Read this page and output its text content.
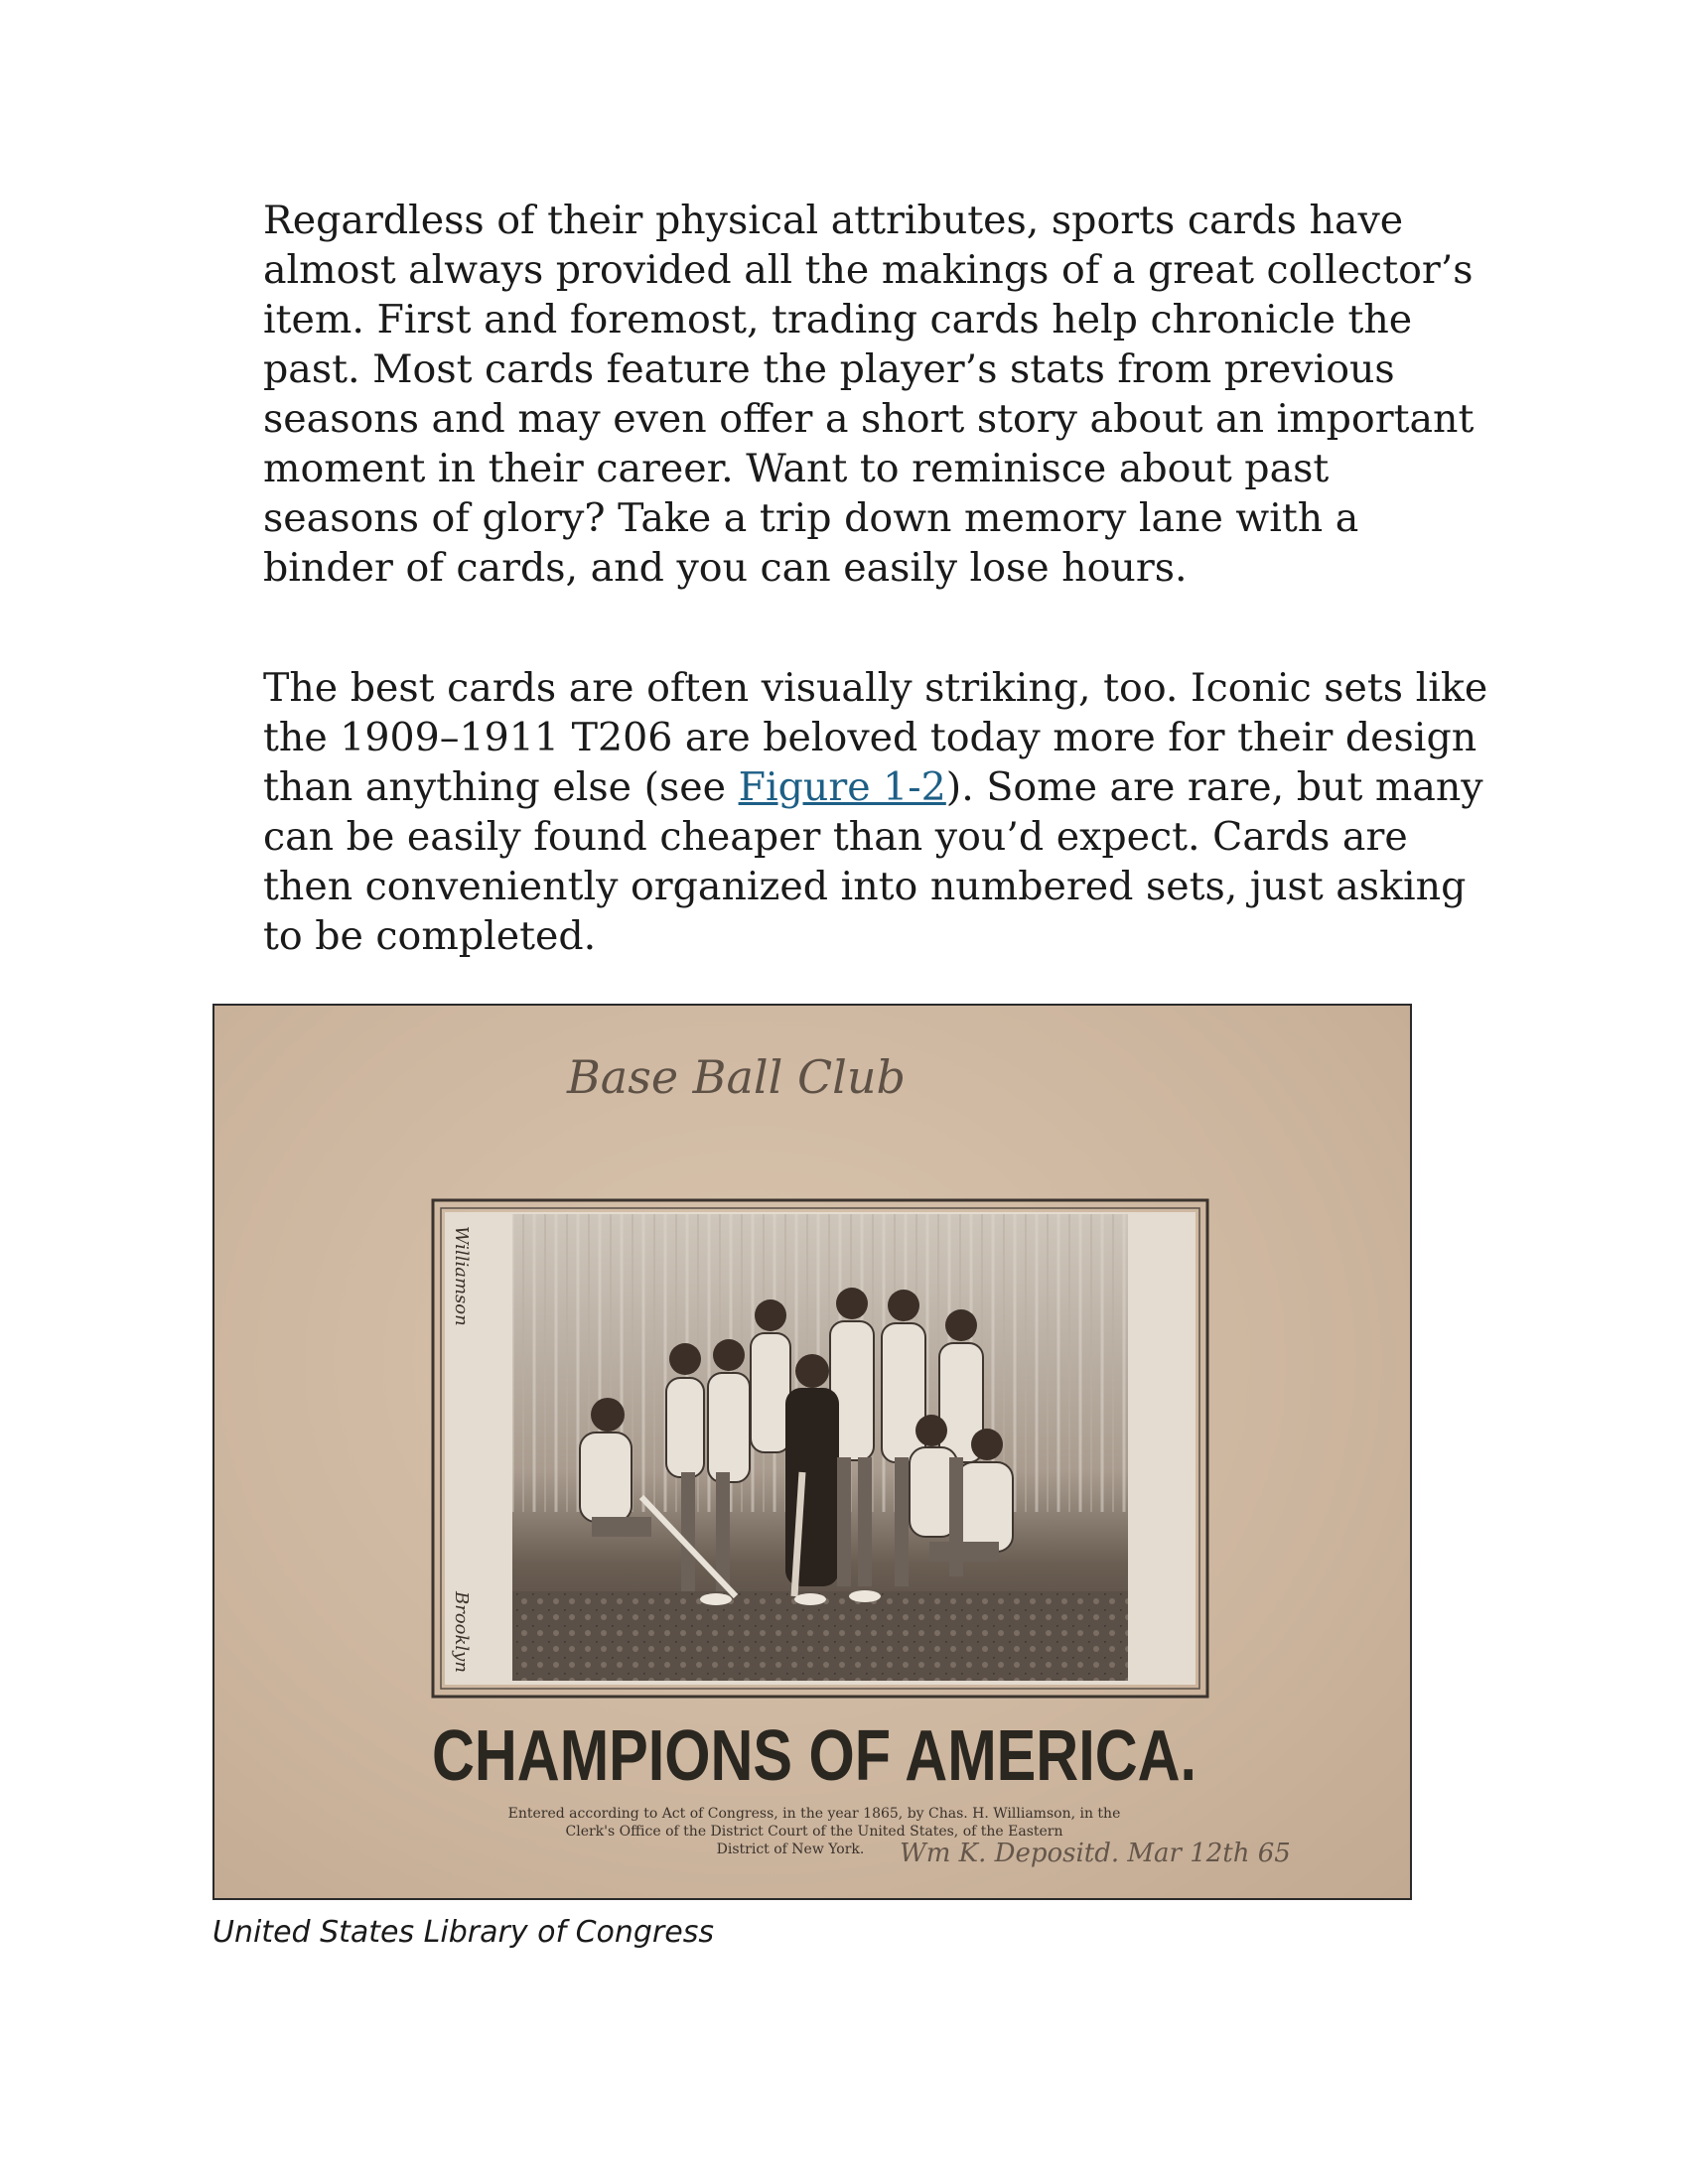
Regardless of their physical attributes, sports cards have almost always provided all the makings of a great collector’s item. First and foremost, trading cards help chronicle the past. Most cards feature the player’s stats from previous seasons and may even offer a short story about an important moment in their career. Want to reminisce about past seasons of glory? Take a trip down memory lane with a binder of cards, and you can easily lose hours.

The best cards are often visually striking, too. Iconic sets like the 1909–1911 T206 are beloved today more for their design than anything else (see Figure 1-2). Some are rare, but many can be easily found cheaper than you’d expect. Cards are then conveniently organized into numbered sets, just asking to be completed.

Base Ball Club
Williamson
Brooklyn
CHAMPIONS OF AMERICA.
Entered according to Act of Congress, in the year 1865, by Chas. H. Williamson, in the
Clerk's Office of the District Court of the United States, of the Eastern
District of New York. Wm K. Depositd. Mar 12th 65
United States Library of Congress
